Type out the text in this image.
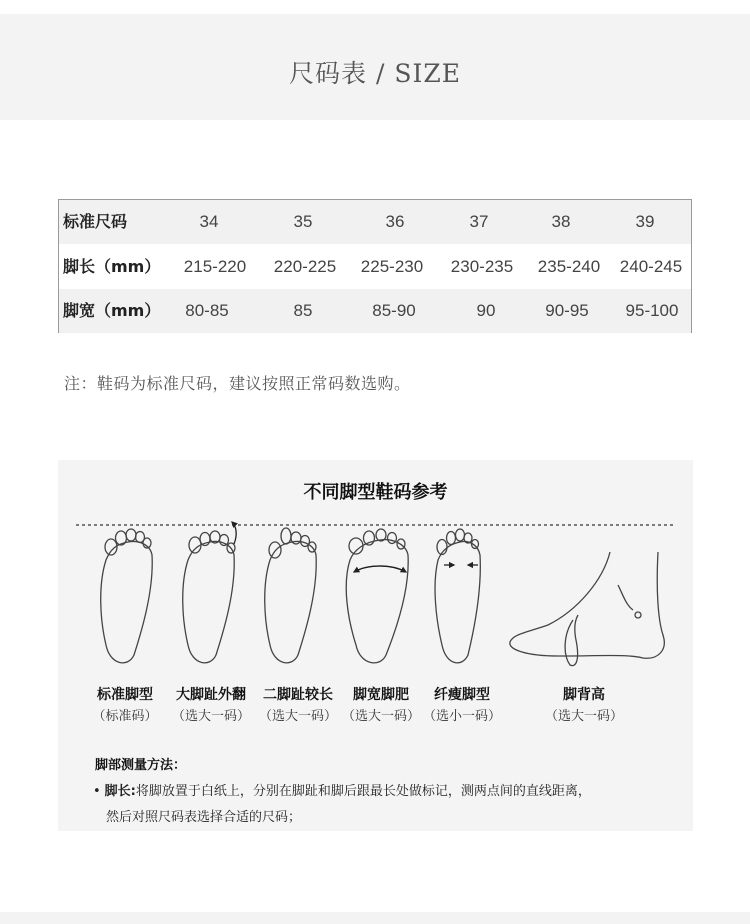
尺码表 / SIZE
标准尺码	34	35	36	37	38	39
脚长（mm）	215-220	220-225	225-230	230-235	235-240	240-245
脚宽（mm）	80-85	85	85-90	90	90-95	95-100
注：鞋码为标准尺码，建议按照正常码数选购。
不同脚型鞋码参考
标准脚型
（标准码）
大脚趾外翻
（选大一码）
二脚趾较长
（选大一码）
脚宽脚肥
（选大一码）
纤瘦脚型
（选小一码）
脚背高
（选大一码）
脚部测量方法：
• 脚长:将脚放置于白纸上，分别在脚趾和脚后跟最长处做标记，测两点间的直线距离，
然后对照尺码表选择合适的尺码；
